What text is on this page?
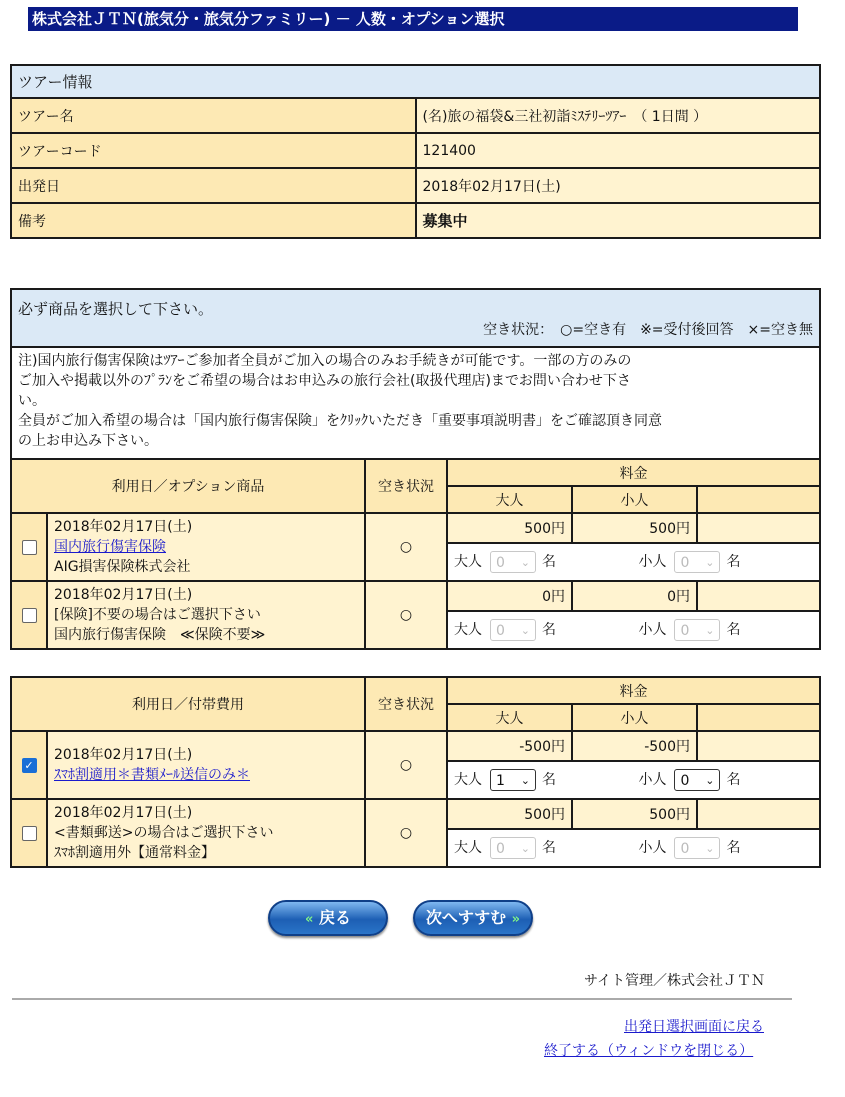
株式会社ＪＴＮ(旅気分・旅気分ファミリー) － 人数・オプション選択
ツアー情報	
ツアー名	(名)旅の福袋&三社初詣ﾐｽﾃﾘｰﾂｱｰ　（ 1日間 ）
ツアーコード	121400
出発日	2018年02月17日(土)
備考	募集中
必ず商品を選択して下さい。
空き状況：　○=空き有　※=受付後回答　×=空き無
注)国内旅行傷害保険はﾂｱｰご参加者全員がご加入の場合のみお手続きが可能です。一部の方のみの
ご加入や掲載以外のﾌﾟﾗﾝをご希望の場合はお申込みの旅行会社(取扱代理店)までお問い合わせ下さ
い。
全員がご加入希望の場合は「国内旅行傷害保険」をｸﾘｯｸいただき「重要事項説明書」をご確認頂き同意
の上お申込み下さい。
利用日／オプション商品		空き状況	料金		
			大人	小人	

	2018年02月17日(土)
国内旅行傷害保険
AIG損害保険株式会社	○	500円	500円	
			大人 0 ⌄ 名 小人 0 ⌄ 名		

	2018年02月17日(土)
[保険]不要の場合はご選択下さい
国内旅行傷害保険　≪保険不要≫	○	0円	0円	
			大人 0 ⌄ 名 小人 0 ⌄ 名		
利用日／付帯費用		空き状況	料金		
			大人	小人	
✓	2018年02月17日(土)
ｽﾏﾎ割適用＊書類ﾒｰﾙ送信のみ＊	○	-500円	-500円	
			大人 1 ⌄ 名 小人 0 ⌄ 名		

	2018年02月17日(土)
<書類郵送>の場合はご選択下さい
ｽﾏﾎ割適用外【通常料金】	○	500円	500円	
			大人 0 ⌄ 名 小人 0 ⌄ 名		
« 戻る	次へすすむ »
サイト管理／株式会社ＪＴＮ
出発日選択画面に戻る
終了する（ウィンドウを閉じる）
